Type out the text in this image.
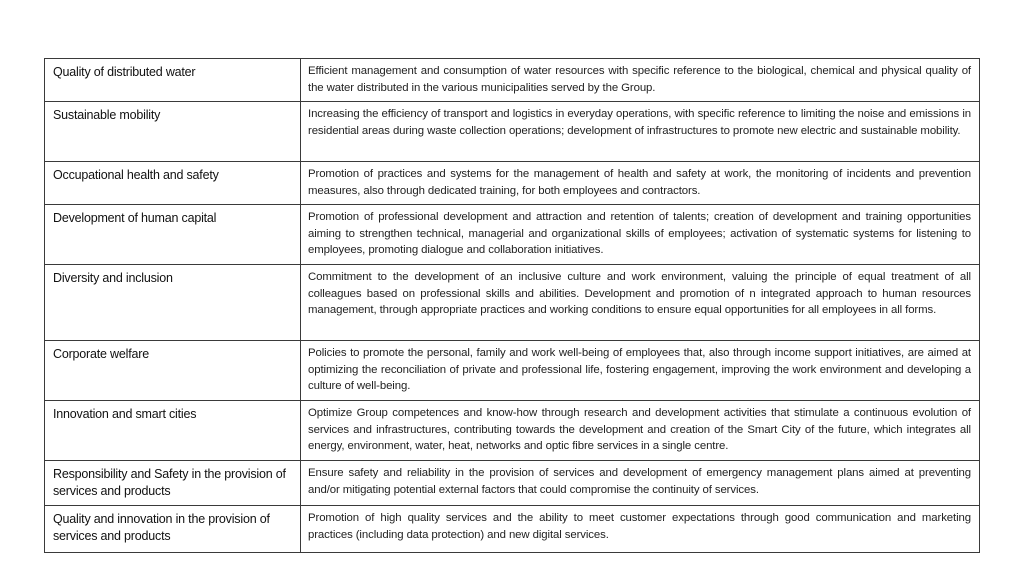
Quality of distributed water	Efficient management and consumption of water resources with specific reference to the biological, chemical and physical quality of the water distributed in the various municipalities served by the Group.
Sustainable mobility	Increasing the efficiency of transport and logistics in everyday operations, with specific reference to limiting the noise and emissions in residential areas during waste collection operations; development of infrastructures to promote new electric and sustainable mobility.
Occupational health and safety	Promotion of practices and systems for the management of health and safety at work, the monitoring of incidents and prevention measures, also through dedicated training, for both employees and contractors.
Development of human capital	Promotion of professional development and attraction and retention of talents; creation of development and training opportunities aiming to strengthen technical, managerial and organizational skills of employees; activation of systematic systems for listening to employees, promoting dialogue and collaboration initiatives.
Diversity and inclusion	Commitment to the development of an inclusive culture and work environment, valuing the principle of equal treatment of all colleagues based on professional skills and abilities. Development and promotion of n integrated approach to human resources management, through appropriate practices and working conditions to ensure equal opportunities for all employees in all forms.
Corporate welfare	Policies to promote the personal, family and work well-being of employees that, also through income support initiatives, are aimed at optimizing the reconciliation of private and professional life, fostering engagement, improving the work environment and developing a culture of well-being.
Innovation and smart cities	Optimize Group competences and know-how through research and development activities that stimulate a continuous evolution of services and infrastructures, contributing towards the development and creation of the Smart City of the future, which integrates all energy, environment, water, heat, networks and optic fibre services in a single centre.
Responsibility and Safety in the provision of services and products	Ensure safety and reliability in the provision of services and development of emergency management plans aimed at preventing and/or mitigating potential external factors that could compromise the continuity of services.
Quality and innovation in the provision of services and products	Promotion of high quality services and the ability to meet customer expectations through good communication and marketing practices (including data protection) and new digital services.
